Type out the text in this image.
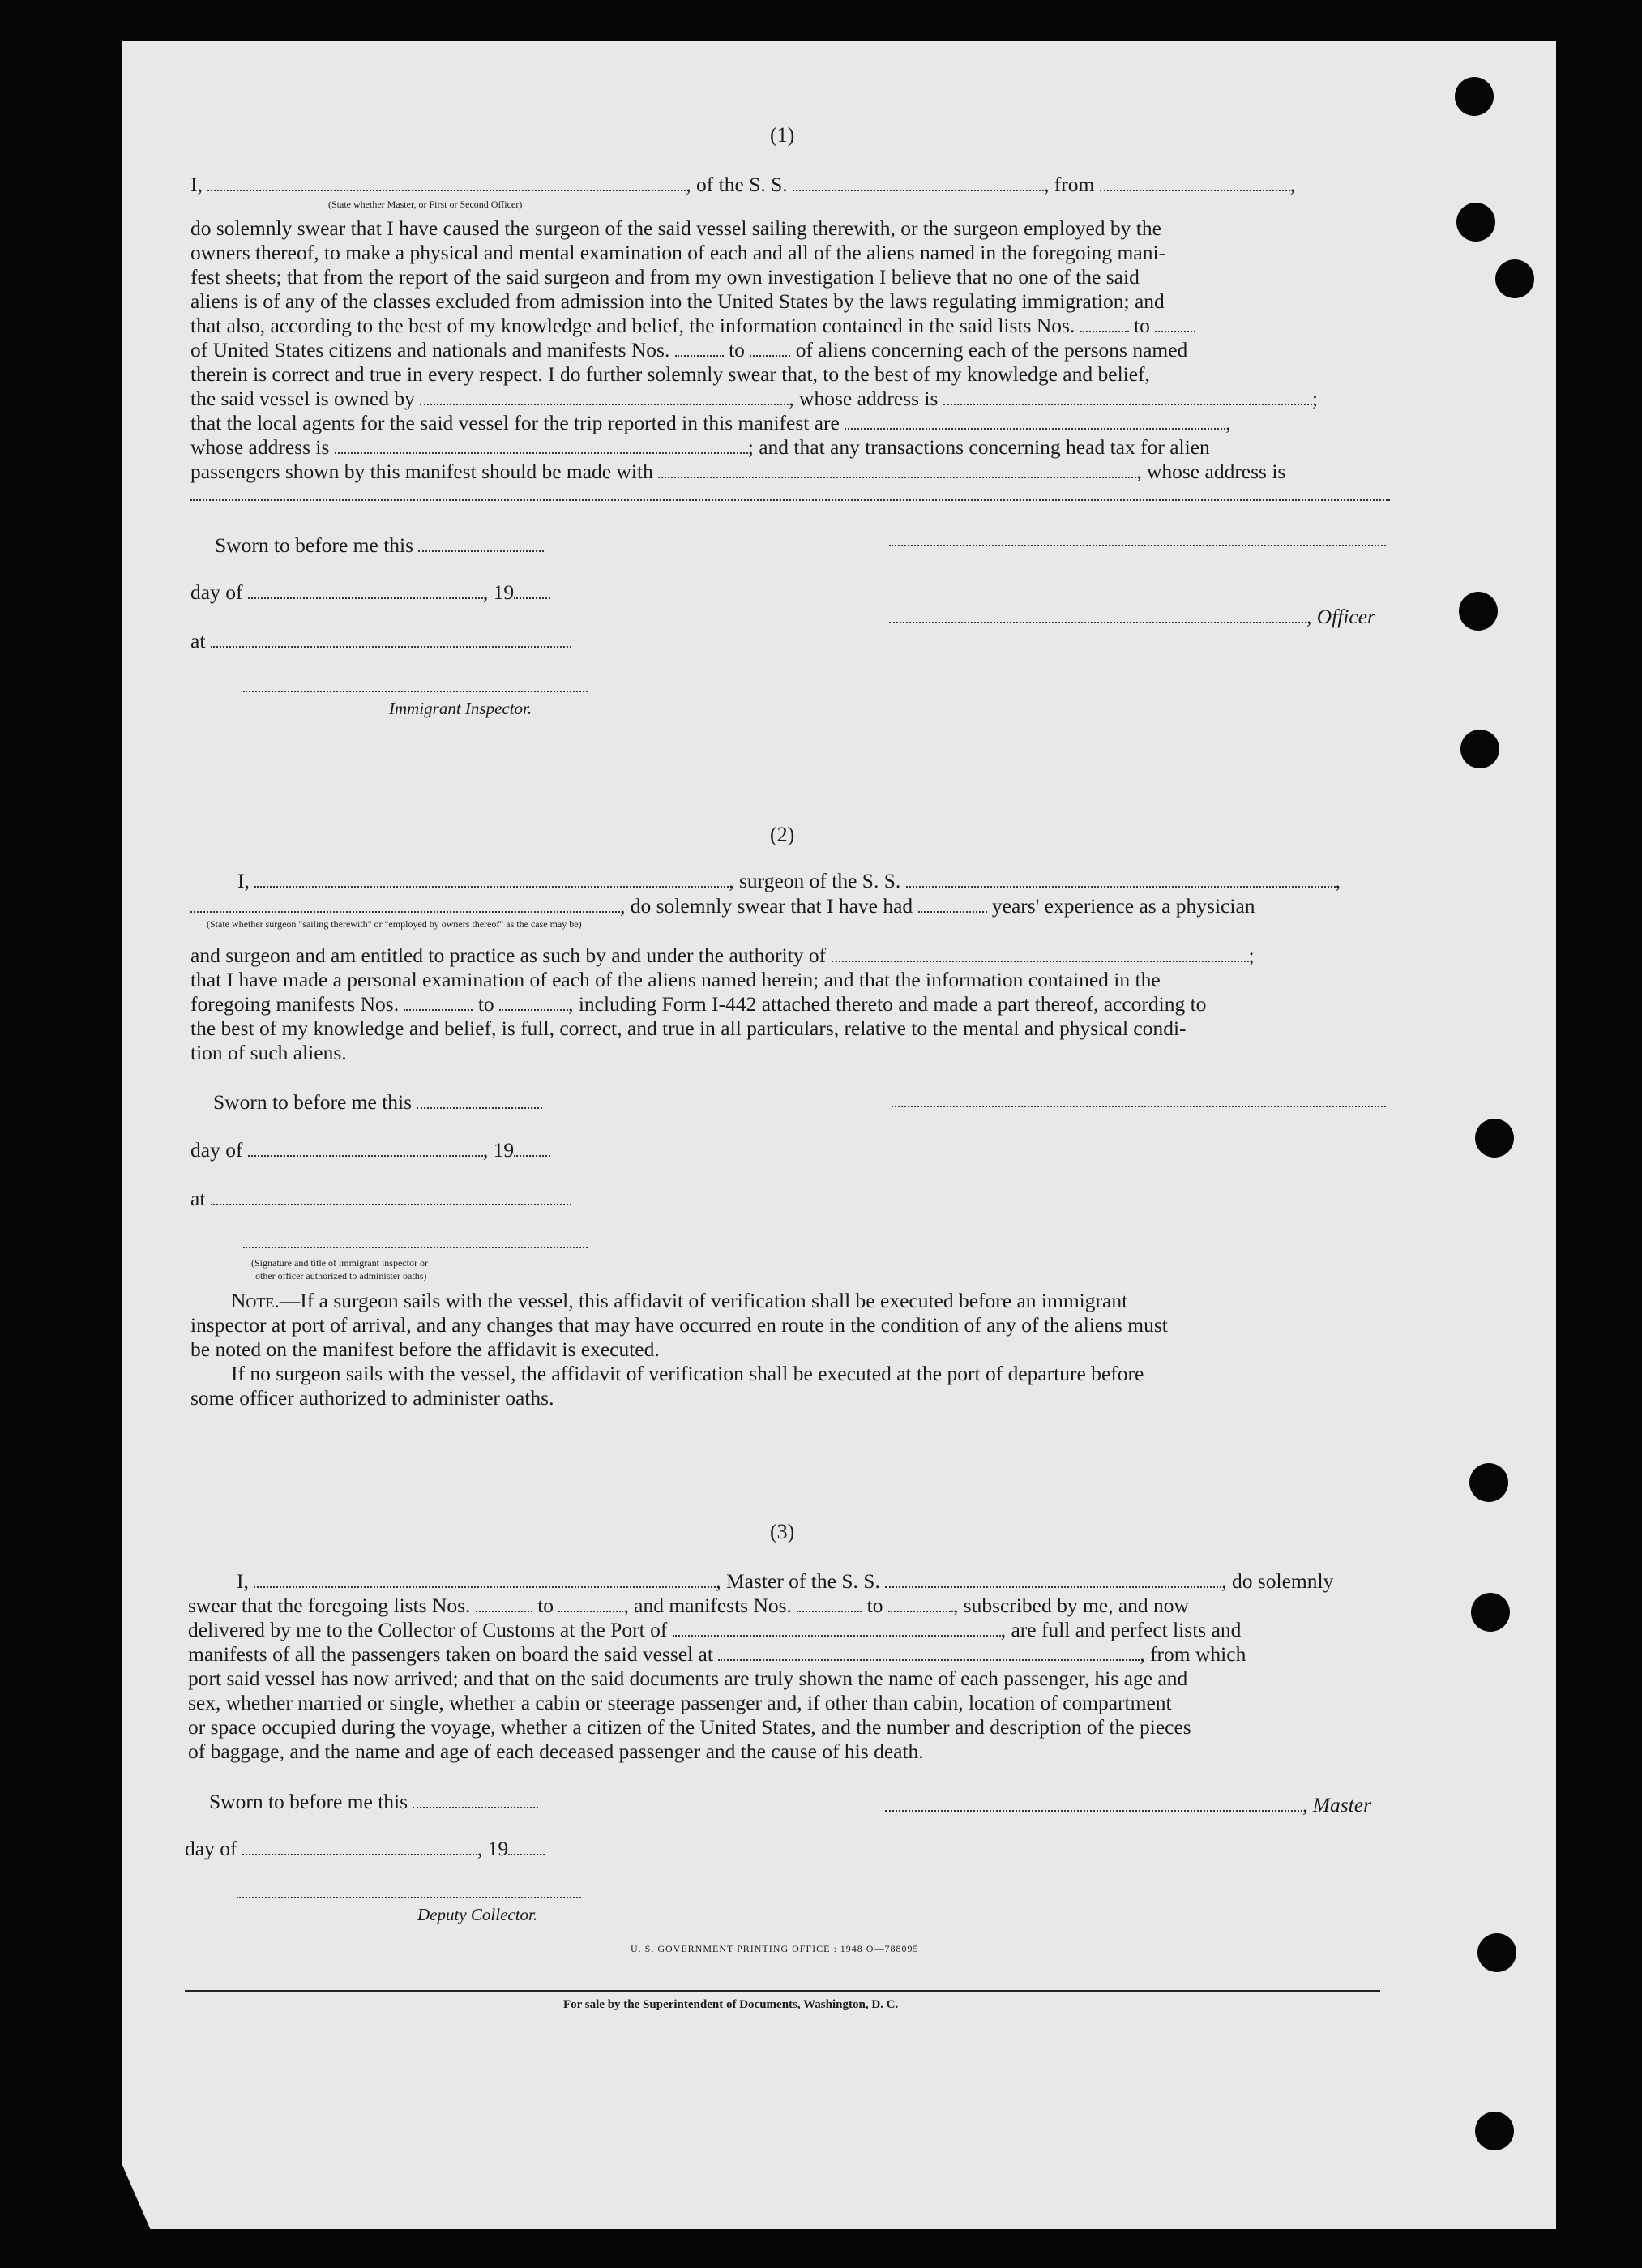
(1)
I,	, of the S. S.	, from	,
(State whether Master, or First or Second Officer)
do solemnly swear that I have caused the surgeon of the said vessel sailing therewith, or the surgeon employed by the
owners thereof, to make a physical and mental examination of each and all of the aliens named in the foregoing mani-
fest sheets; that from the report of the said surgeon and from my own investigation I believe that no one of the said
aliens is of any of the classes excluded from admission into the United States by the laws regulating immigration; and
that also, according to the best of my knowledge and belief, the information contained in the said lists Nos.	to
of United States citizens and nationals and manifests Nos.	to of aliens concerning each of the persons named
therein is correct and true in every respect. I do further solemnly swear that, to the best of my knowledge and belief,
the said vessel is owned by	, whose address is	;
that the local agents for the said vessel for the trip reported in this manifest are	,
whose address is	; and that any transactions concerning head tax for alien
passengers shown by this manifest should be made with	, whose address is
Sworn to before me this
day of	, 19
at
Immigrant Inspector.
, Officer
(2)
I,	, surgeon of the S. S.	,
, do solemnly swear that I have had	years' experience as a physician
(State whether surgeon "sailing therewith" or "employed by owners thereof" as the case may be)
and surgeon and am entitled to practice as such by and under the authority of	;
that I have made a personal examination of each of the aliens named herein; and that the information contained in the
foregoing manifests Nos.	to	, including Form I-442 attached thereto and made a part thereof, according to
the best of my knowledge and belief, is full, correct, and true in all particulars, relative to the mental and physical condi-
tion of such aliens.
Sworn to before me this
day of	, 19
at
(Signature and title of immigrant inspector or
other officer authorized to administer oaths)
Note.—If a surgeon sails with the vessel, this affidavit of verification shall be executed before an immigrant
inspector at port of arrival, and any changes that may have occurred en route in the condition of any of the aliens must
be noted on the manifest before the affidavit is executed.
If no surgeon sails with the vessel, the affidavit of verification shall be executed at the port of departure before
some officer authorized to administer oaths.
(3)
I,	, Master of the S. S.	, do solemnly
swear that the foregoing lists Nos.	to	, and manifests Nos.	to	, subscribed by me, and now
delivered by me to the Collector of Customs at the Port of	, are full and perfect lists and
manifests of all the passengers taken on board the said vessel at	, from which
port said vessel has now arrived; and that on the said documents are truly shown the name of each passenger, his age and
sex, whether married or single, whether a cabin or steerage passenger and, if other than cabin, location of compartment
or space occupied during the voyage, whether a citizen of the United States, and the number and description of the pieces
of baggage, and the name and age of each deceased passenger and the cause of his death.
Sworn to before me this	, Master
day of	, 19
Deputy Collector.
U. S. GOVERNMENT PRINTING OFFICE : 1948 O—788095
For sale by the Superintendent of Documents, Washington, D. C.
